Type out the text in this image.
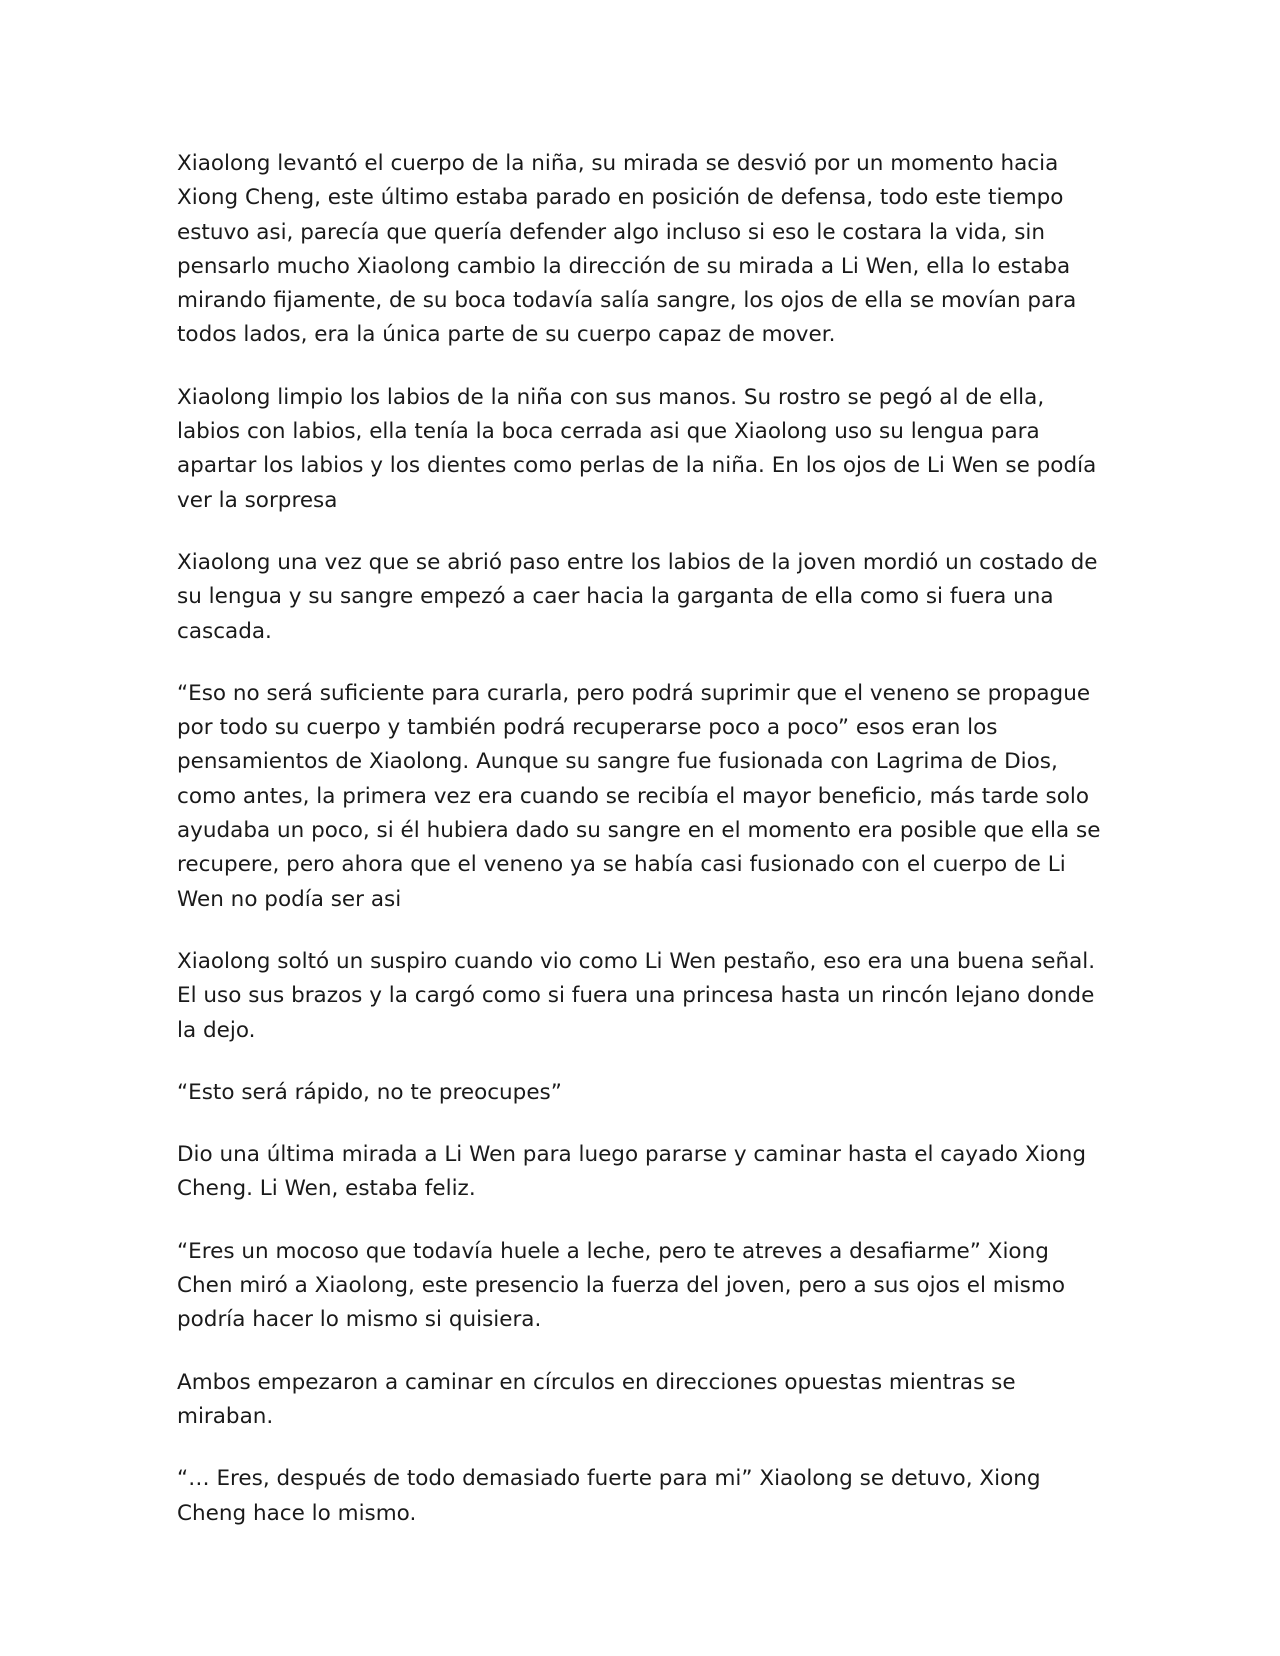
Xiaolong levantó el cuerpo de la niña, su mirada se desvió por un momento hacia Xiong Cheng, este último estaba parado en posición de defensa, todo este tiempo estuvo asi, parecía que quería defender algo incluso si eso le costara la vida, sin pensarlo mucho Xiaolong cambio la dirección de su mirada a Li Wen, ella lo estaba mirando fijamente, de su boca todavía salía sangre, los ojos de ella se movían para todos lados, era la única parte de su cuerpo capaz de mover.

Xiaolong limpio los labios de la niña con sus manos. Su rostro se pegó al de ella, labios con labios, ella tenía la boca cerrada asi que Xiaolong uso su lengua para apartar los labios y los dientes como perlas de la niña. En los ojos de Li Wen se podía ver la sorpresa

Xiaolong una vez que se abrió paso entre los labios de la joven mordió un costado de su lengua y su sangre empezó a caer hacia la garganta de ella como si fuera una cascada.

“Eso no será suficiente para curarla, pero podrá suprimir que el veneno se propague por todo su cuerpo y también podrá recuperarse poco a poco” esos eran los pensamientos de Xiaolong. Aunque su sangre fue fusionada con Lagrima de Dios, como antes, la primera vez era cuando se recibía el mayor beneficio, más tarde solo ayudaba un poco, si él hubiera dado su sangre en el momento era posible que ella se recupere, pero ahora que el veneno ya se había casi fusionado con el cuerpo de Li Wen no podía ser asi

Xiaolong soltó un suspiro cuando vio como Li Wen pestaño, eso era una buena señal. El uso sus brazos y la cargó como si fuera una princesa hasta un rincón lejano donde la dejo.

“Esto será rápido, no te preocupes”

Dio una última mirada a Li Wen para luego pararse y caminar hasta el cayado Xiong Cheng. Li Wen, estaba feliz.

“Eres un mocoso que todavía huele a leche, pero te atreves a desafiarme” Xiong Chen miró a Xiaolong, este presencio la fuerza del joven, pero a sus ojos el mismo podría hacer lo mismo si quisiera.

Ambos empezaron a caminar en círculos en direcciones opuestas mientras se miraban.

“… Eres, después de todo demasiado fuerte para mi” Xiaolong se detuvo, Xiong Cheng hace lo mismo.
